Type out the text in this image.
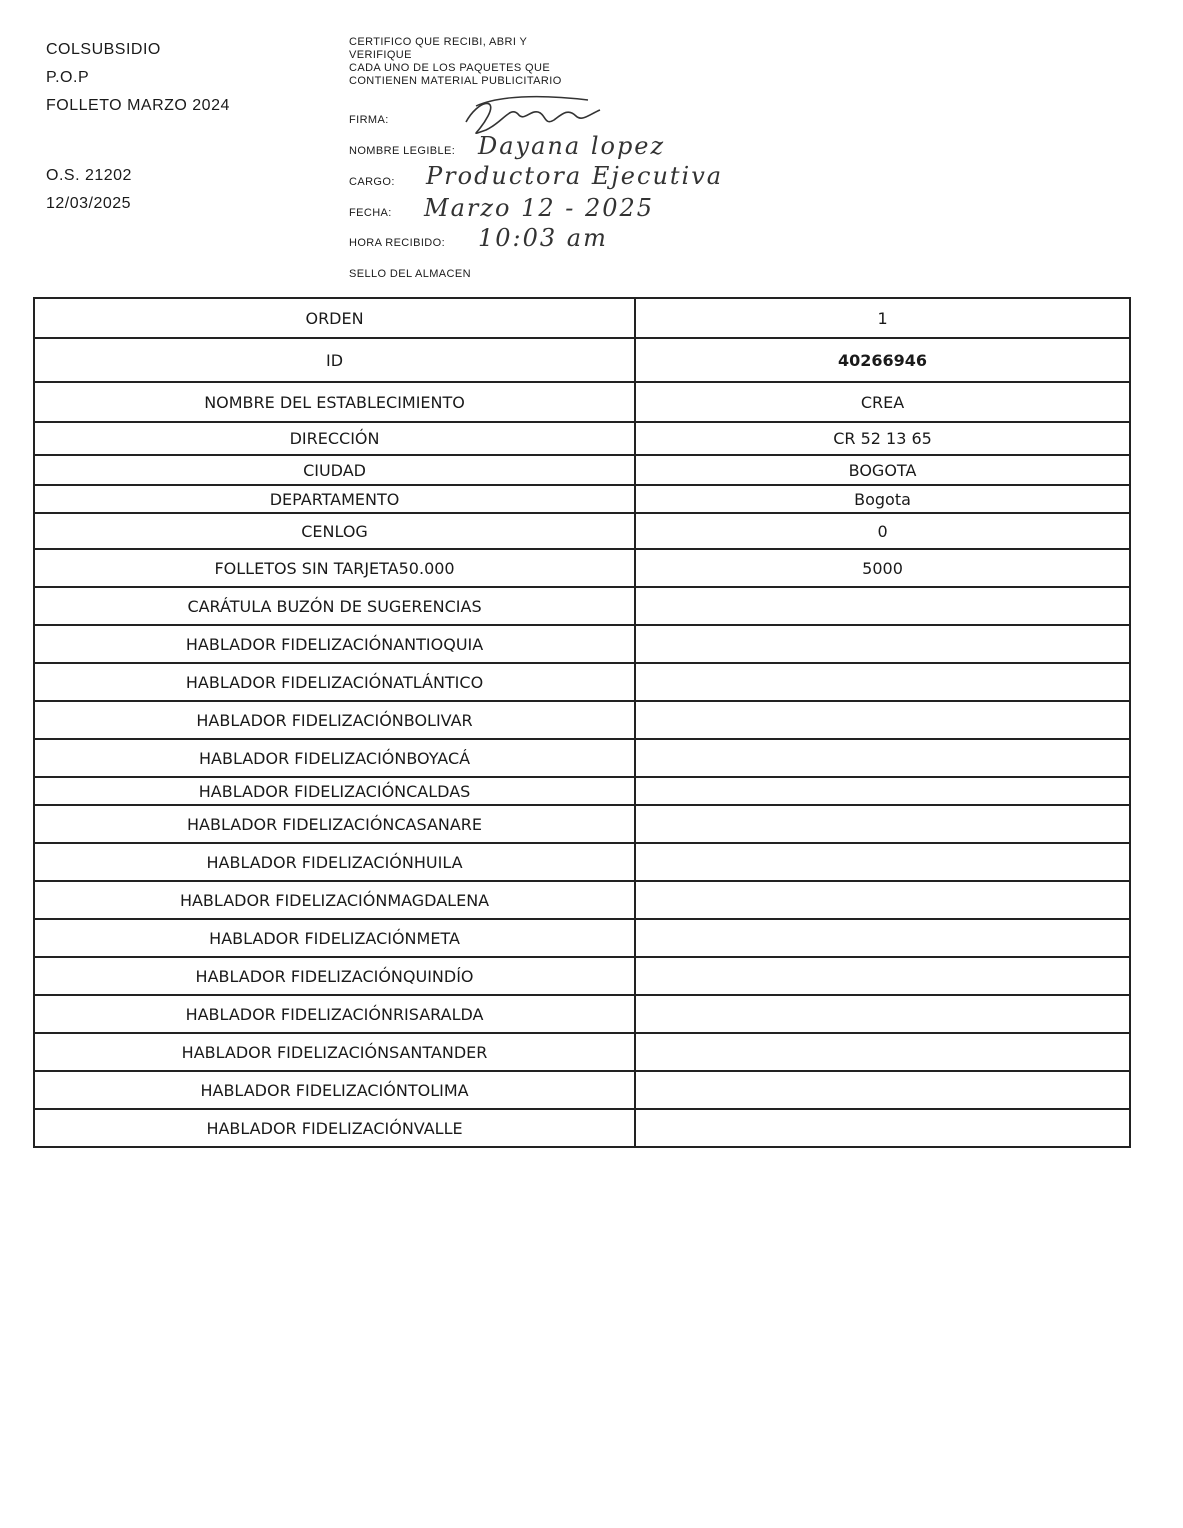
COLSUBSIDIO
P.O.P
FOLLETO MARZO 2024
O.S. 21202
12/03/2025
CERTIFICO QUE RECIBI, ABRI Y
VERIFIQUE
CADA UNO DE LOS PAQUETES QUE
CONTIENEN MATERIAL PUBLICITARIO
FIRMA:
NOMBRE LEGIBLE: Dayana lopez
CARGO: Productora Ejecutiva
FECHA: Marzo 12 - 2025
HORA RECIBIDO: 10:03 am
SELLO DEL ALMACEN
ORDEN	1
ID	40266946
NOMBRE DEL ESTABLECIMIENTO	CREA
DIRECCIÓN	CR 52 13 65
CIUDAD	BOGOTA
DEPARTAMENTO	Bogota
CENLOG	0
FOLLETOS SIN TARJETA50.000	5000
CARÁTULA BUZÓN DE SUGERENCIAS	
HABLADOR FIDELIZACIÓNANTIOQUIA	
HABLADOR FIDELIZACIÓNATLÁNTICO	
HABLADOR FIDELIZACIÓNBOLIVAR	
HABLADOR FIDELIZACIÓNBOYACÁ	
HABLADOR FIDELIZACIÓNCALDAS	
HABLADOR FIDELIZACIÓNCASANARE	
HABLADOR FIDELIZACIÓNHUILA	
HABLADOR FIDELIZACIÓNMAGDALENA	
HABLADOR FIDELIZACIÓNMETA	
HABLADOR FIDELIZACIÓNQUINDÍO	
HABLADOR FIDELIZACIÓNRISARALDA	
HABLADOR FIDELIZACIÓNSANTANDER	
HABLADOR FIDELIZACIÓNTOLIMA	
HABLADOR FIDELIZACIÓNVALLE	
